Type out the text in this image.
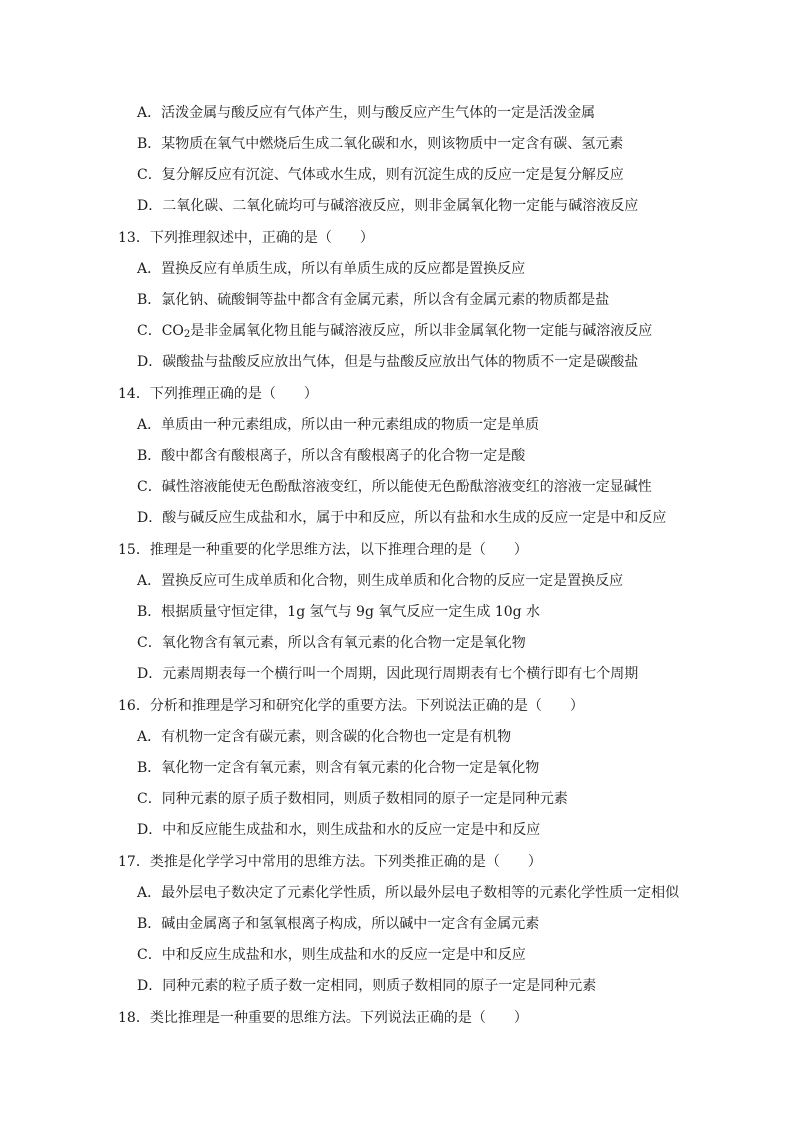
A．活泼金属与酸反应有气体产生，则与酸反应产生气体的一定是活泼金属
B．某物质在氧气中燃烧后生成二氧化碳和水，则该物质中一定含有碳、氢元素
C．复分解反应有沉淀、气体或水生成，则有沉淀生成的反应一定是复分解反应
D．二氧化碳、二氧化硫均可与碱溶液反应，则非金属氧化物一定能与碱溶液反应
13．下列推理叙述中，正确的是（　　）
A．置换反应有单质生成，所以有单质生成的反应都是置换反应
B．氯化钠、硫酸铜等盐中都含有金属元素，所以含有金属元素的物质都是盐
C．$CO_2$是非金属氧化物且能与碱溶液反应，所以非金属氧化物一定能与碱溶液反应
D．碳酸盐与盐酸反应放出气体，但是与盐酸反应放出气体的物质不一定是碳酸盐
14．下列推理正确的是（　　）
A．单质由一种元素组成，所以由一种元素组成的物质一定是单质
B．酸中都含有酸根离子，所以含有酸根离子的化合物一定是酸
C．碱性溶液能使无色酚酞溶液变红，所以能使无色酚酞溶液变红的溶液一定显碱性
D．酸与碱反应生成盐和水，属于中和反应，所以有盐和水生成的反应一定是中和反应
15．推理是一种重要的化学思维方法，以下推理合理的是（　　）
A．置换反应可生成单质和化合物，则生成单质和化合物的反应一定是置换反应
B．根据质量守恒定律，1g 氢气与 9g 氧气反应一定生成 10g 水
C．氧化物含有氧元素，所以含有氧元素的化合物一定是氧化物
D．元素周期表每一个横行叫一个周期，因此现行周期表有七个横行即有七个周期
16．分析和推理是学习和研究化学的重要方法。下列说法正确的是（　　）
A．有机物一定含有碳元素，则含碳的化合物也一定是有机物
B．氧化物一定含有氧元素，则含有氧元素的化合物一定是氧化物
C．同种元素的原子质子数相同，则质子数相同的原子一定是同种元素
D．中和反应能生成盐和水，则生成盐和水的反应一定是中和反应
17．类推是化学学习中常用的思维方法。下列类推正确的是（　　）
A．最外层电子数决定了元素化学性质，所以最外层电子数相等的元素化学性质一定相似
B．碱由金属离子和氢氧根离子构成，所以碱中一定含有金属元素
C．中和反应生成盐和水，则生成盐和水的反应一定是中和反应
D．同种元素的粒子质子数一定相同，则质子数相同的原子一定是同种元素
18．类比推理是一种重要的思维方法。下列说法正确的是（　　）
